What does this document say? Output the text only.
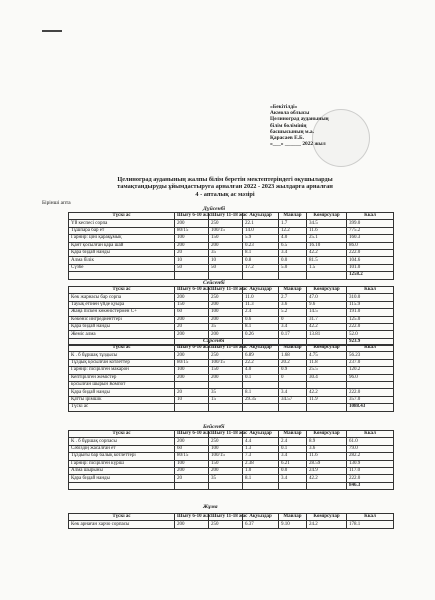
«Бекітілді»
Акмола облысы
Целиноград ауданының
білім бөлімінің
басшысының м.а.
Қарасаев Е.Б.
«___» ______ 2022 жыл
Целиноград ауданының жалпы білім беретін мектептеріндегі оқушыларды
тамақтандыруды ұйымдастыруға арналған 2022 - 2023 жылдарға арналған
4 - апталық ас мәзірі
Бірінші апта
Дүйсенбі
Түскі ас	Шығу 6-10 жас	Шығу 11-18 жас	Ақуыздар	Майлар	Көмірсулар	Ккал
Үй кеспесі сорпа	200	250	22.1	1.7	34.5	399.0
Тұшпара бар ет	80/15	100/15	14.0	12.2	11.6	775.2
Гарнир: ціні қарақұмық	100	150	5.9	4.0	25.1	160.3
Қант қосылған қара шай	200	200	0.23	6.5	16.10	86.0
Қара бидай нанды	20	35	8.1	3.4	42.2	222.0
Алма білік	10	10	0.8	0.0	81.5	104.6
Сүзбе	50	50	17.2	5.0	1.5	101.0
						1258.2
Сейсенбі
Түскі ас	Шығу 6-10 жас	Шығу 11-18 жас	Ақуыздар	Майлар	Көмірсулар	Ккал
Көк жарнасы бар сорпа	200	250	11.0	2.7	47.0	310.0
Тауық етінен үйде қуыра	150	200	11.3	3.6	9.6	115.9
Жаңа піскен көкөністермен С+	60	100	2.4	5.2	14.5	191.0
Көкөніс ингредиенттері	200	200	0.6	0	31.7	125.0
Қара бидай нанды	20	35	8.1	3.4	42.2	222.0
Жеміс алма	200	200	0.26	0.17	13.81	52.0
						923.9
Сәрсенбі
Түскі ас	Шығу 6-10 жас	Шығу 11-18 жас	Ақуыздар	Майлар	Көмірсулар	Ккал
К . б бұршақ тұздысы	200	250	6.89	1.68	4.75	56.23
Тұздық қосылған котлеттер	80/15	100/15	22.2	20.2	11.8	237.0
Гарнир: пісірілген макарон	100	150	4.0	0.9	25.5	120.2
Кептірілген жемістер	200	200	0.1	0	30.4	96.0
қосылған шырын Компот						
Қара бидай нанды	20	35	8.1	3.4	42.2	222.0
Қатты ірімшік	10	15	29.35	34.57	11.9	357.0
Түскі ас						1088.43
Бейсенбі
Түскі ас	Шығу 6-10 жас	Шығу 11-18 жас	Ақуыздар	Майлар	Көмірсулар	Ккал
К . б бұршақ сорпасы	200	250	4.4	2.4	8.9	61.0
Сәбіздің жасалған ет	60	100	1.3	0.1	3.6	79.0
Тұздығы бар балық котлеттері	80/15	100/15	7.3	3.4	11.6	282.2
Гарнир: пісірілген күріш	100	150	2.38	6.21	28.59	130.9
Алма шырыны	200	200	1.0	0.0	24.9	117.0
Қара бидай нанды	20	35	8.1	3.4	42.2	222.0
						846.3
Жұма
Түскі ас	Шығу 6-10 жас	Шығу 11-18 жас	Ақуыздар	Майлар	Көмірсулар	Ккал
Көк арнаған харчо сорпасы	200	250	6.37	9.10	24.2	178.1
